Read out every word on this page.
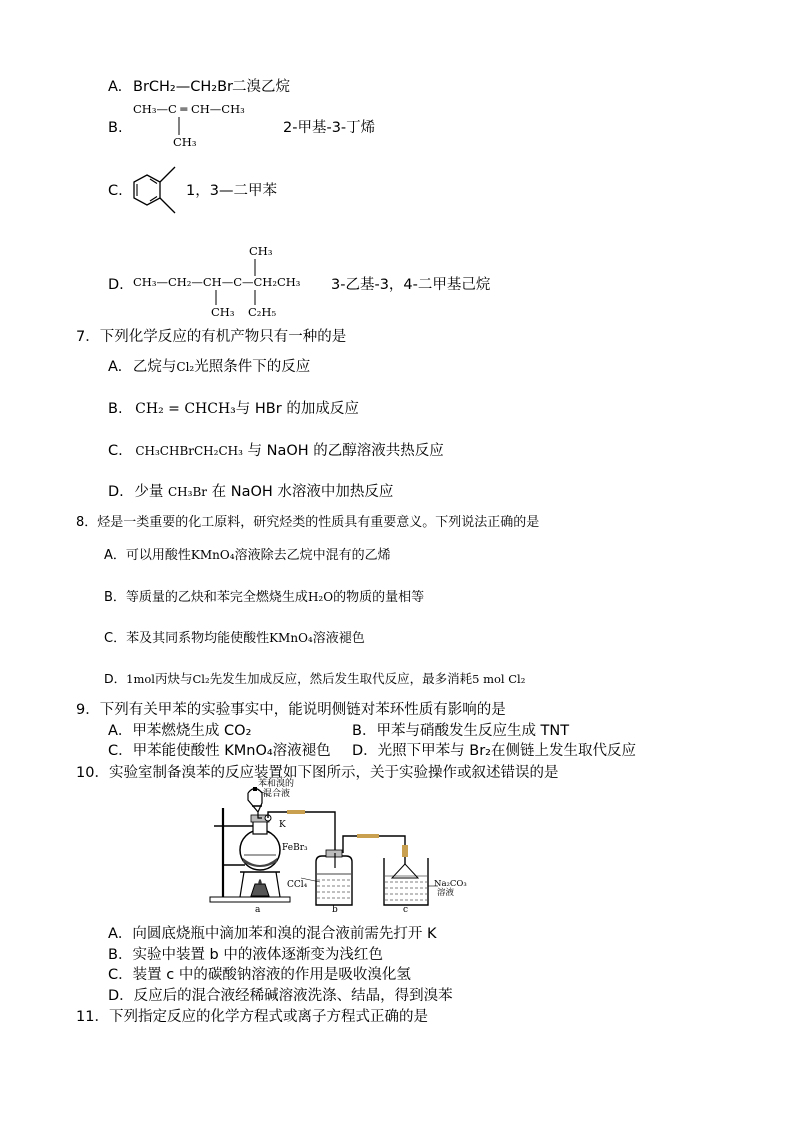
A. BrCH₂—CH₂Br 二溴乙烷
B.
CH₃—C ═ CH—CH₃
CH₃
2-甲基-3-丁烯
C.	1，3—二甲苯
D.
CH₃
CH₃—CH₂—CH—C—CH₂CH₃
CH₃ C₂H₅
3-乙基-3，4-二甲基己烷
7．下列化学反应的有机产物只有一种的是
A. 乙烷与Cl₂光照条件下的反应
B. CH₂ = CHCH₃与 HBr 的加成反应
C. CH₃CHBrCH₂CH₃ 与 NaOH 的乙醇溶液共热反应
D. 少量 CH₃Br 在 NaOH 水溶液中加热反应
8．烃是一类重要的化工原料，研究烃类的性质具有重要意义。下列说法正确的是
A．可以用酸性KMnO₄溶液除去乙烷中混有的乙烯
B．等质量的乙炔和苯完全燃烧生成H₂O的物质的量相等
C．苯及其同系物均能使酸性KMnO₄溶液褪色
D．1mol丙炔与Cl₂先发生加成反应，然后发生取代反应，最多消耗5 mol Cl₂
9．下列有关甲苯的实验事实中，能说明侧链对苯环性质有影响的是
A．甲苯燃烧生成 CO₂	B．甲苯与硝酸发生反应生成 TNT
C．甲苯能使酸性 KMnO₄溶液褪色 D．光照下甲苯与 Br₂在侧链上发生取代反应
10．实验室制备溴苯的反应装置如下图所示，关于实验操作或叙述错误的是
苯和溴的
混合液
K
FeBr₃
CCl₄	Na₂CO₃
溶液
a	b	c
A．向圆底烧瓶中滴加苯和溴的混合液前需先打开 K
B．实验中装置 b 中的液体逐渐变为浅红色
C．装置 c 中的碳酸钠溶液的作用是吸收溴化氢
D．反应后的混合液经稀碱溶液洗涤、结晶，得到溴苯
11．下列指定反应的化学方程式或离子方程式正确的是
